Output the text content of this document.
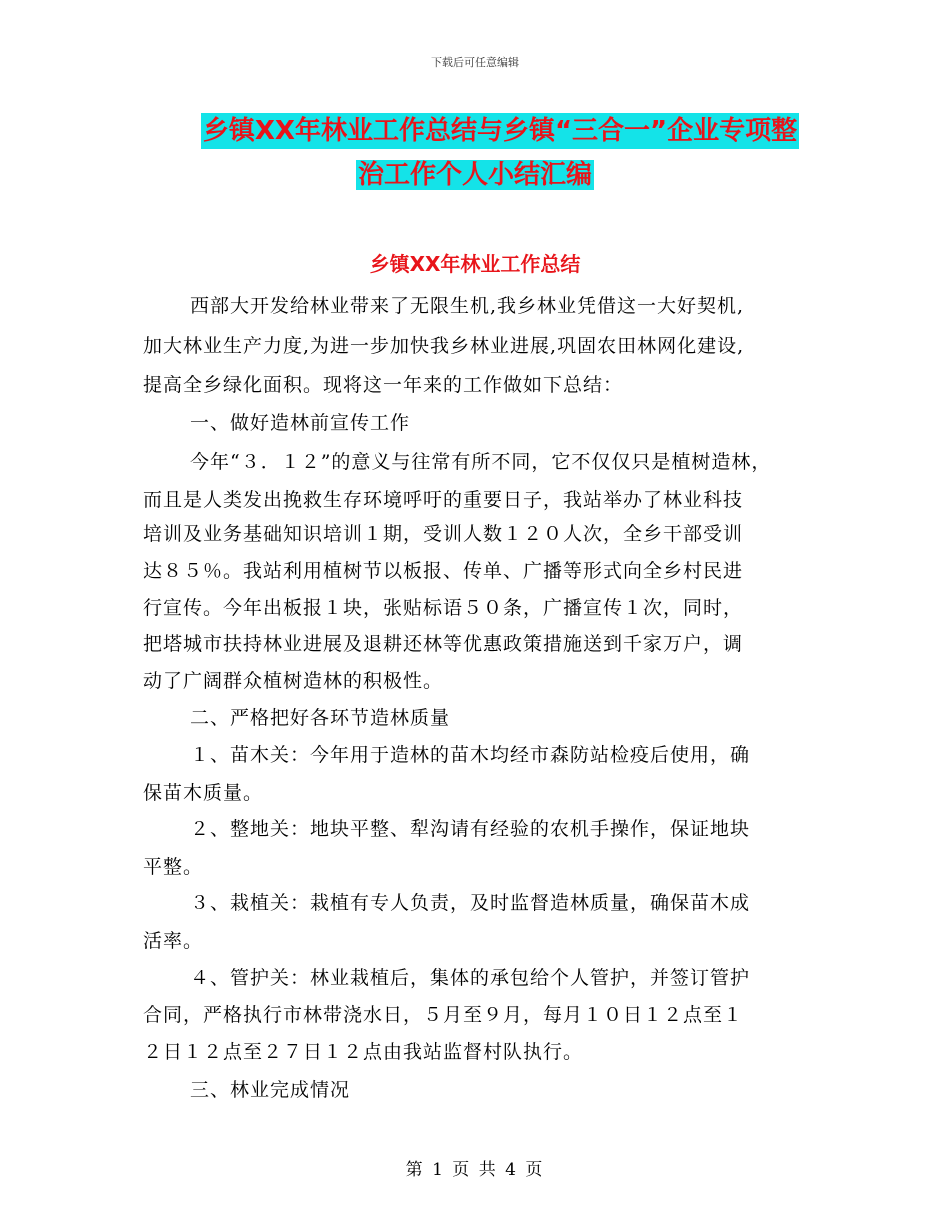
下载后可任意编辑
乡镇XX年林业工作总结与乡镇“三合一”企业专项整
治工作个人小结汇编
乡镇XX年林业工作总结
西部大开发给林业带来了无限生机,我乡林业凭借这一大好契机,
加大林业生产力度,为进一步加快我乡林业进展,巩固农田林网化建设,
提高全乡绿化面积。现将这一年来的工作做如下总结：
一、做好造林前宣传工作
今年“３．１２”的意义与往常有所不同，它不仅仅只是植树造林，
而且是人类发出挽救生存环境呼吁的重要日子，我站举办了林业科技
培训及业务基础知识培训１期，受训人数１２０人次，全乡干部受训
达８５％。我站利用植树节以板报、传单、广播等形式向全乡村民进
行宣传。今年出板报１块，张贴标语５０条，广播宣传１次，同时，
把塔城市扶持林业进展及退耕还林等优惠政策措施送到千家万户，调
动了广阔群众植树造林的积极性。
二、严格把好各环节造林质量
１、苗木关：今年用于造林的苗木均经市森防站检疫后使用，确
保苗木质量。
２、整地关：地块平整、犁沟请有经验的农机手操作，保证地块
平整。
３、栽植关：栽植有专人负责，及时监督造林质量，确保苗木成
活率。
４、管护关：林业栽植后，集体的承包给个人管护，并签订管护
合同，严格执行市林带浇水日，５月至９月，每月１０日１２点至１
２日１２点至２７日１２点由我站监督村队执行。
三、林业完成情况
第 1 页 共 4 页
